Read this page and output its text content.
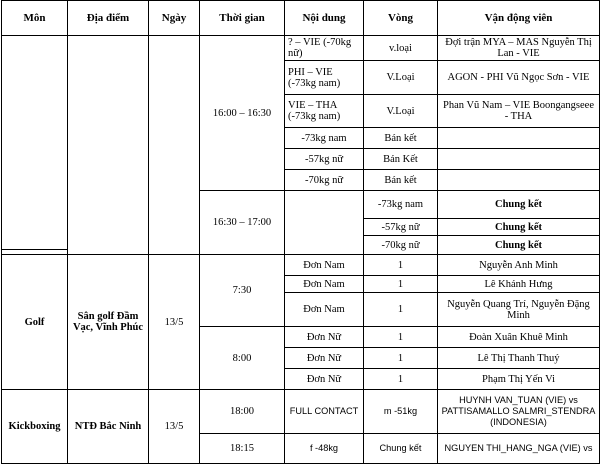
Môn	Địa điểm	Ngày	Thời gian	Nội dung	Vòng	Vận động viên
			16:00 – 16:30	? – VIE (-70kg nữ)	v.loại	Đợi trận MYA – MAS Nguyễn Thị Lan - VIE
				PHI – VIE (-73kg nam)	V.Loại	AGON - PHI Vũ Ngọc Sơn - VIE
				VIE – THA (-73kg nam)	V.Loại	Phan Vũ Nam – VIE Boongangseee - THA
				-73kg nam	Bán kết	
				-57kg nữ	Bán Kết	
				-70kg nữ	Bán kết	
			16:30 – 17:00		-73kg nam	Chung kết
					-57kg nữ	Chung kết
					-70kg nữ	Chung kết

Golf	Sân golf Đầm Vạc, Vĩnh Phúc	13/5	7:30	Đơn Nam	1	Nguyễn Anh Minh
				Đơn Nam	1	Lê Khánh Hưng
				Đơn Nam	1	Nguyễn Quang Trí, Nguyễn Đặng Minh
			8:00	Đơn Nữ	1	Đoàn Xuân Khuê Minh
				Đơn Nữ	1	Lê Thị Thanh Thuý
				Đơn Nữ	1	Phạm Thị Yến Vi
Kickboxing	NTĐ Bắc Ninh	13/5	18:00	FULL CONTACT	m -51kg	HUYNH VAN_TUAN (VIE) vs PATTISAMALLO SALMRI_STENDRA (INDONESIA)
			18:15	f -48kg	Chung kết	NGUYEN THI_HANG_NGA (VIE) vs
